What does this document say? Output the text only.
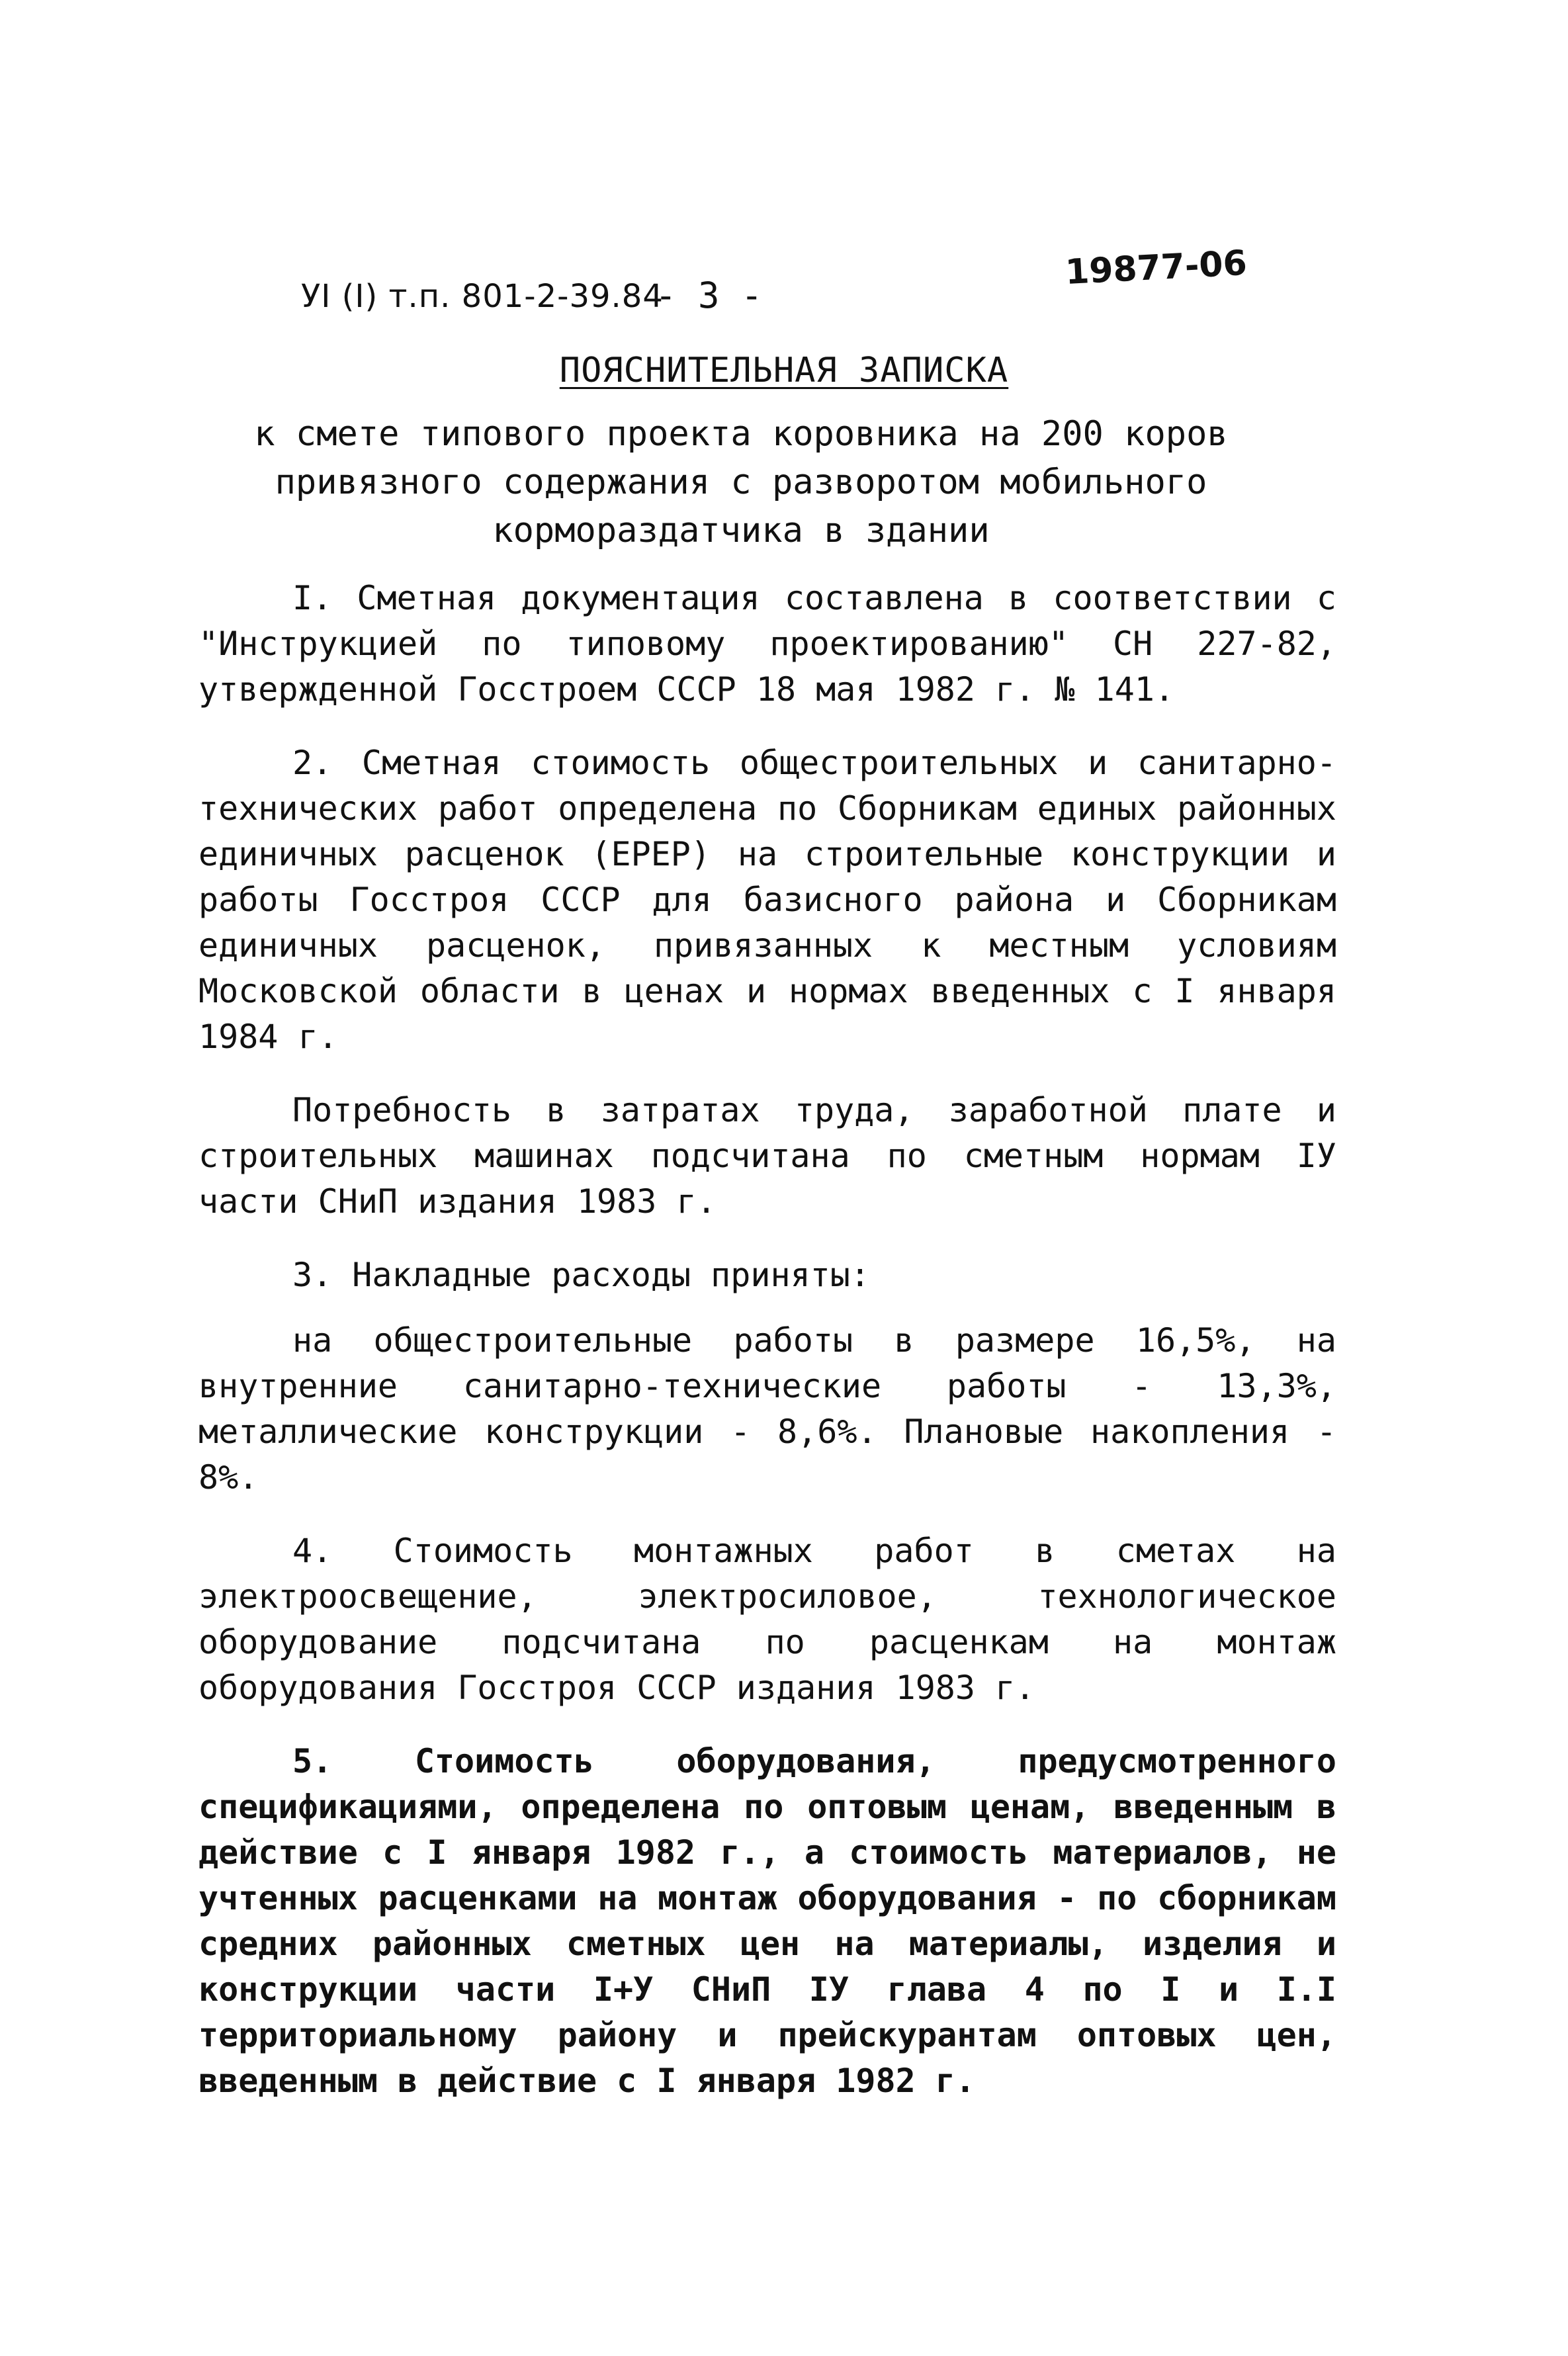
УI (I) т.п. 801-2-39.84
- 3 -
19877-06
ПОЯСНИТЕЛЬНАЯ ЗАПИСКА
к смете типового проекта коровника на 200 коров
привязного содержания с разворотом мобильного
кормораздатчика в здании

I. Сметная документация составлена в соответствии с "Инструкцией по типовому проектированию" СН 227-82, утвержденной Госстроем СССР 18 мая 1982 г. № 141.

2. Сметная стоимость общестроительных и санитарно-технических работ определена по Сборникам единых районных единичных расценок (ЕРЕР) на строительные конструкции и работы Госстроя СССР для базисного района и Сборникам единичных расценок, привязанных к местным условиям Московской области в ценах и нормах введенных с I января 1984 г.

Потребность в затратах труда, заработной плате и строительных машинах подсчитана по сметным нормам IУ части СНиП издания 1983 г.

3. Накладные расходы приняты:

на общестроительные работы в размере 16,5%, на внутренние санитарно-технические работы - 13,3%, металлические конструкции - 8,6%. Плановые накопления - 8%.

4. Стоимость монтажных работ в сметах на электроосвещение, электросиловое, технологическое оборудование подсчитана по расценкам на монтаж оборудования Госстроя СССР издания 1983 г.

5. Стоимость оборудования, предусмотренного спецификациями, определена по оптовым ценам, введенным в действие с I января 1982 г., а стоимость материалов, не учтенных расценками на монтаж оборудования - по сборникам средних районных сметных цен на материалы, изделия и конструкции части I+У СНиП IУ глава 4 по I и I.I территориальному району и прейскурантам оптовых цен, введенным в действие с I января 1982 г.
